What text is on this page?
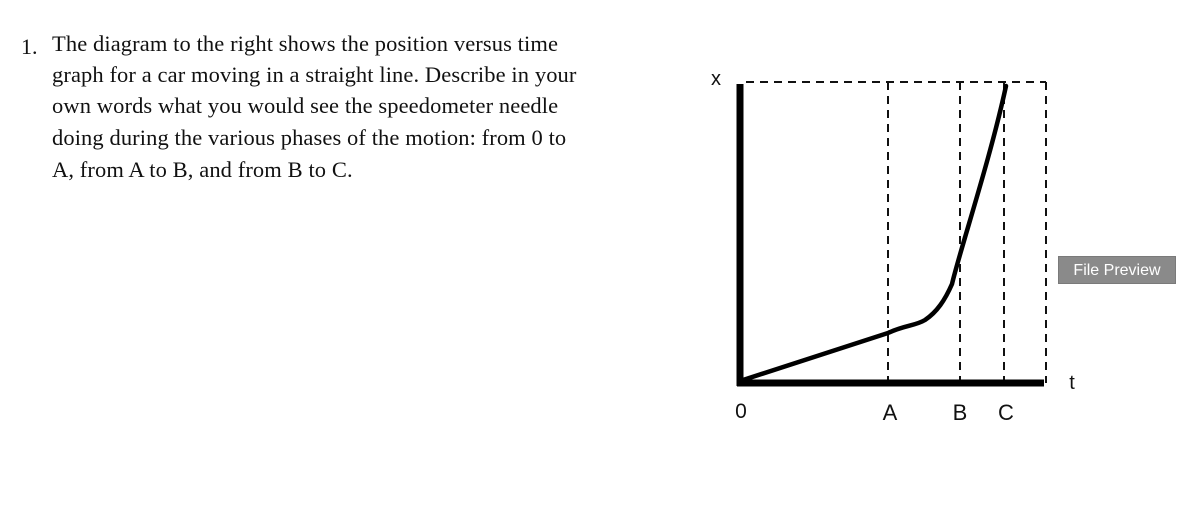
1. The diagram to the right shows the position versus time
graph for a car moving in a straight line. Describe in your
own words what you would see the speedometer needle
doing during the various phases of the motion: from 0 to
A, from A to B, and from B to C.
x
t
0	A	B C
File Preview
